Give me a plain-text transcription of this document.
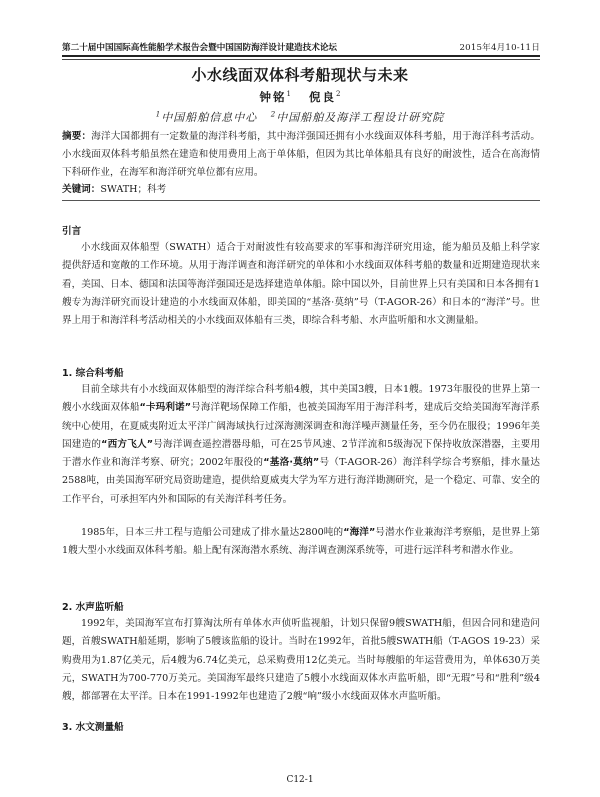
第二十届中国国际高性能船学术报告会暨中国国防海洋设计建造技术论坛	2015年4月10-11日
小水线面双体科考船现状与未来
钟铭$^1$ 倪良$^2$
$^1$中国船舶信息中心 $^2$中国船舶及海洋工程设计研究院
摘要：海洋大国都拥有一定数量的海洋科考船，其中海洋强国还拥有小水线面双体科考船，用于海洋科考活动。小水线面双体科考船虽然在建造和使用费用上高于单体船，但因为其比单体船具有良好的耐波性，适合在高海情下科研作业，在海军和海洋研究单位都有应用。
关键词：SWATH；科考
引言
小水线面双体船型（SWATH）适合于对耐波性有较高要求的军事和海洋研究用途，能为船员及船上科学家提供舒适和宽敞的工作环境。从用于海洋调查和海洋研究的单体和小水线面双体科考船的数量和近期建造现状来看，美国、日本、德国和法国等海洋强国还是选择建造单体船。除中国以外，目前世界上只有美国和日本各拥有1艘专为海洋研究而设计建造的小水线面双体船，即美国的“基洛·莫纳”号（T-AGOR-26）和日本的“海洋”号。世界上用于和海洋科考活动相关的小水线面双体船有三类，即综合科考船、水声监听船和水文测量船。
1. 综合科考船
目前全球共有小水线面双体船型的海洋综合科考船4艘，其中美国3艘，日本1艘。1973年服役的世界上第一艘小水线面双体船“卡玛利诺”号海洋靶场保障工作船，也被美国海军用于海洋科考，建成后交给美国海军海洋系统中心使用，在夏威夷附近太平洋广阔海域执行过深海测深调查和海洋噪声测量任务，至今仍在服役；1996年美国建造的“西方飞人”号海洋调查遥控潜器母船，可在25节风速、2节洋流和5级海况下保持收放深潜器，主要用于潜水作业和海洋考察、研究；2002年服役的“基洛·莫纳”号（T-AGOR-26）海洋科学综合考察船，排水量达2588吨，由美国海军研究局资助建造，提供给夏威夷大学为军方进行海洋勘测研究，是一个稳定、可靠、安全的工作平台，可承担军内外和国际的有关海洋科考任务。
1985年，日本三井工程与造船公司建成了排水量达2800吨的“海洋”号潜水作业兼海洋考察船，是世界上第1艘大型小水线面双体科考船。船上配有深海潜水系统、海洋调查测深系统等，可进行远洋科考和潜水作业。
2. 水声监听船
1992年，美国海军宣布打算淘汰所有单体水声侦听监视船，计划只保留9艘SWATH船，但因合同和建造问题，首艘SWATH船延期，影响了5艘该监船的设计。当时在1992年，首批5艘SWATH船（T-AGOS 19-23）采购费用为1.87亿美元，后4艘为6.74亿美元，总采购费用12亿美元。当时每艘船的年运营费用为，单体630万美元，SWATH为700-770万美元。美国海军最终只建造了5艘小水线面双体水声监听船，即“无瑕”号和“胜利”级4艘，都部署在太平洋。日本在1991-1992年也建造了2艘“响”级小水线面双体水声监听船。
3. 水文测量船
C12-1
